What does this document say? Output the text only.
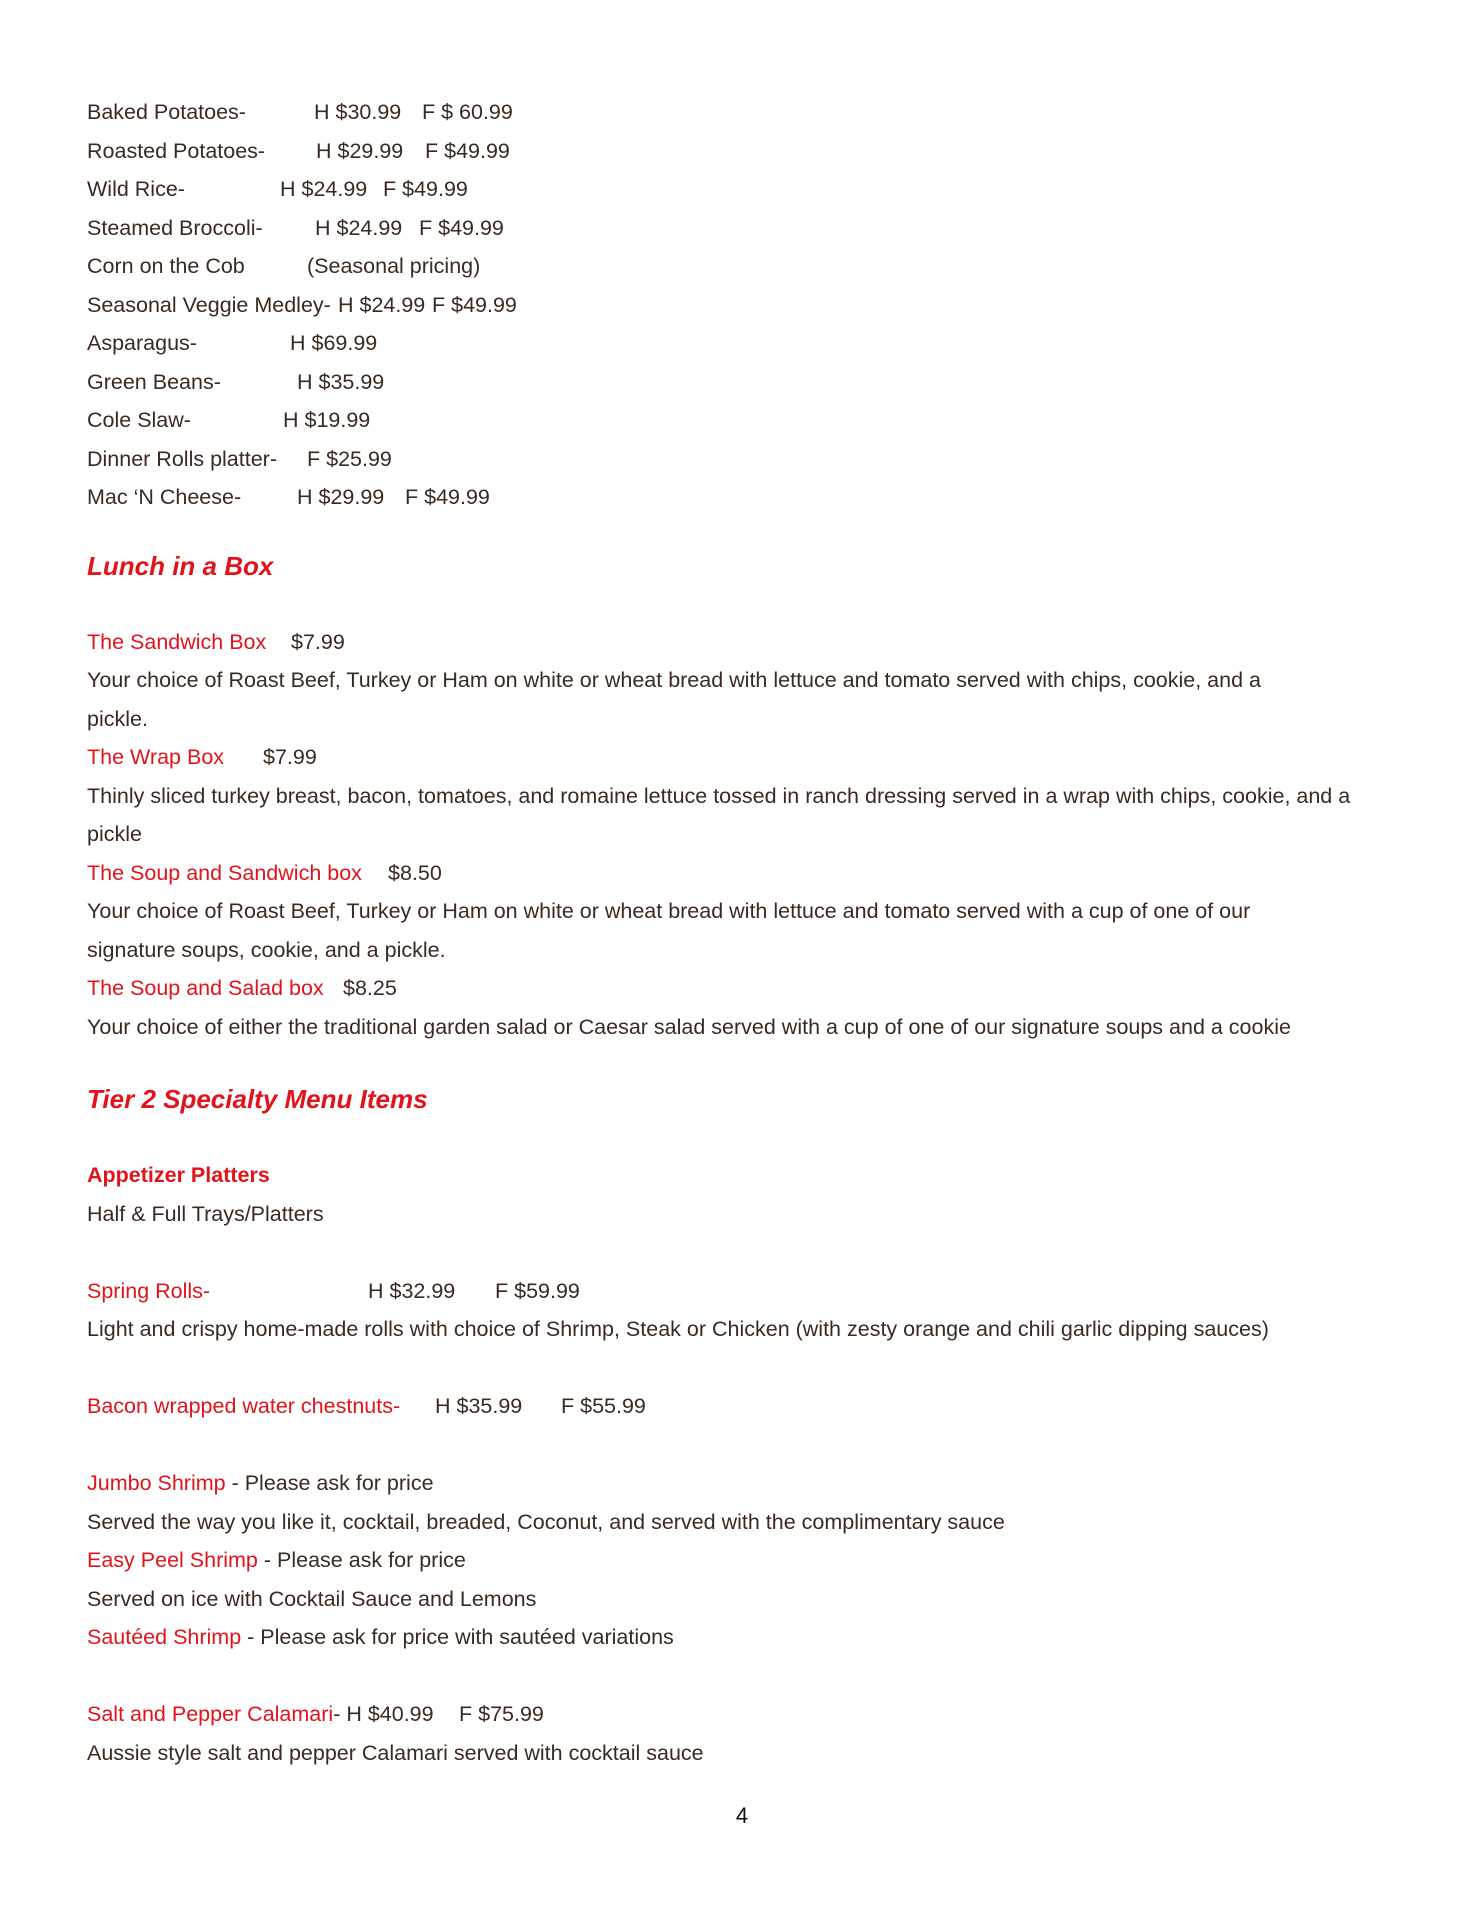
Baked Potatoes-	H $30.99 F $ 60.99
Roasted Potatoes- H $29.99 F $49.99
Wild Rice-	H $24.99 F $49.99
Steamed Broccoli- H $24.99 F $49.99
Corn on the Cob	(Seasonal pricing)
Seasonal Veggie Medley- H $24.99 F $49.99
Asparagus-	H $69.99
Green Beans-	H $35.99
Cole Slaw-	H $19.99
Dinner Rolls platter- F $25.99
Mac ‘N Cheese-	H $29.99 F $49.99
Lunch in a Box
The Sandwich Box $7.99
Your choice of Roast Beef, Turkey or Ham on white or wheat bread with lettuce and tomato served with chips, cookie, and a
pickle.
The Wrap Box $7.99
Thinly sliced turkey breast, bacon, tomatoes, and romaine lettuce tossed in ranch dressing served in a wrap with chips, cookie, and a
pickle
The Soup and Sandwich box $8.50
Your choice of Roast Beef, Turkey or Ham on white or wheat bread with lettuce and tomato served with a cup of one of our
signature soups, cookie, and a pickle.
The Soup and Salad box $8.25
Your choice of either the traditional garden salad or Caesar salad served with a cup of one of our signature soups and a cookie
Tier 2 Specialty Menu Items
Appetizer Platters
Half & Full Trays/Platters
Spring Rolls-	H $32.99 F $59.99
Light and crispy home-made rolls with choice of Shrimp, Steak or Chicken (with zesty orange and chili garlic dipping sauces)
Bacon wrapped water chestnuts- H $35.99 F $55.99
Jumbo Shrimp - Please ask for price
Served the way you like it, cocktail, breaded, Coconut, and served with the complimentary sauce
Easy Peel Shrimp - Please ask for price
Served on ice with Cocktail Sauce and Lemons
Sautéed Shrimp - Please ask for price with sautéed variations
Salt and Pepper Calamari- H $40.99 F $75.99
Aussie style salt and pepper Calamari served with cocktail sauce
4
